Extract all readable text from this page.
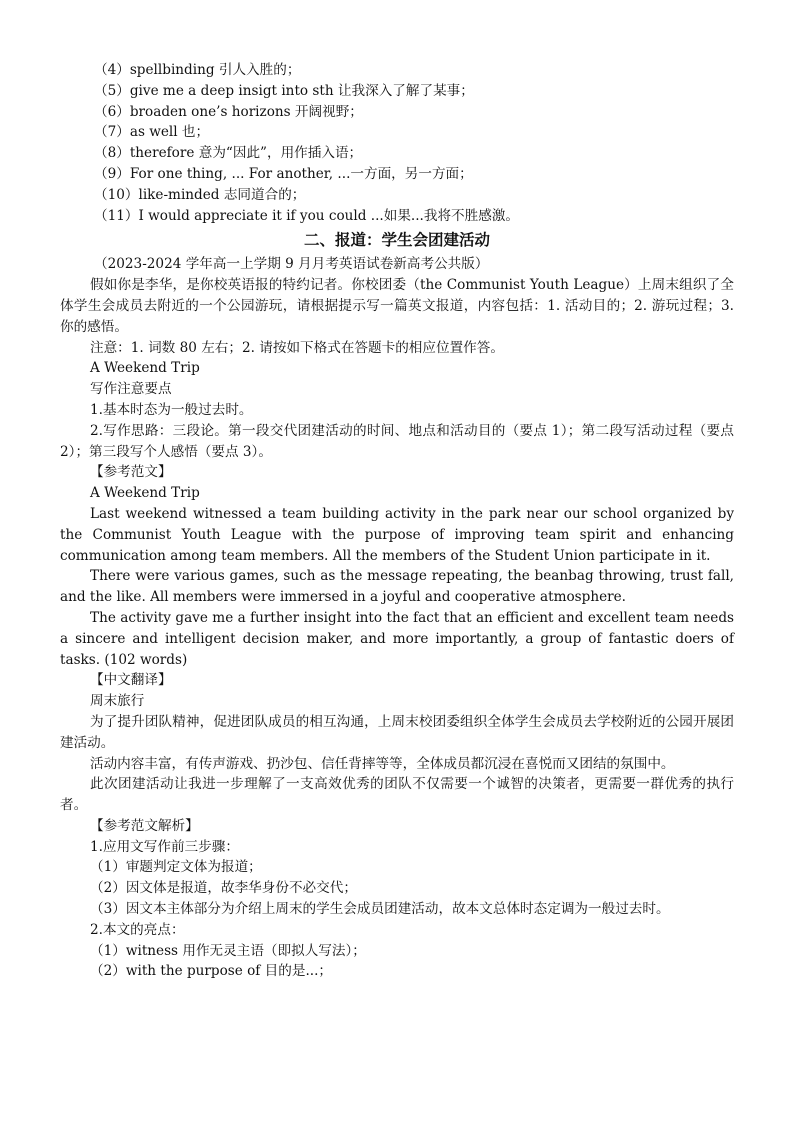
（4）spellbinding 引人入胜的；
（5）give me a deep insigt into sth 让我深入了解了某事；
（6）broaden one’s horizons 开阔视野；
（7）as well 也；
（8）therefore 意为“因此”，用作插入语；
（9）For one thing, ... For another, ...一方面，另一方面；
（10）like-minded 志同道合的；
（11）I would appreciate it if you could ...如果...我将不胜感激。
二、报道：学生会团建活动
（2023-2024 学年高一上学期 9 月月考英语试卷新高考公共版）
假如你是李华，是你校英语报的特约记者。你校团委（the Communist Youth League）上周末组织了全体学生会成员去附近的一个公园游玩，请根据提示写一篇英文报道，内容包括：1. 活动目的；2. 游玩过程；3. 你的感悟。
注意：1. 词数 80 左右；2. 请按如下格式在答题卡的相应位置作答。
A Weekend Trip
写作注意要点
1.基本时态为一般过去时。
2.写作思路：三段论。第一段交代团建活动的时间、地点和活动目的（要点 1）；第二段写活动过程（要点 2）；第三段写个人感悟（要点 3）。
【参考范文】
A Weekend Trip
Last weekend witnessed a team building activity in the park near our school organized by the Communist Youth League with the purpose of improving team spirit and enhancing communication among team members. All the members of the Student Union participate in it.
There were various games, such as the message repeating, the beanbag throwing, trust fall, and the like. All members were immersed in a joyful and cooperative atmosphere.
The activity gave me a further insight into the fact that an efficient and excellent team needs a sincere and intelligent decision maker, and more importantly, a group of fantastic doers of tasks. (102 words)
【中文翻译】
周末旅行
为了提升团队精神，促进团队成员的相互沟通，上周末校团委组织全体学生会成员去学校附近的公园开展团建活动。
活动内容丰富，有传声游戏、扔沙包、信任背摔等等，全体成员都沉浸在喜悦而又团结的氛围中。
此次团建活动让我进一步理解了一支高效优秀的团队不仅需要一个诚智的决策者，更需要一群优秀的执行者。
【参考范文解析】
1.应用文写作前三步骤：
（1）审题判定文体为报道；
（2）因文体是报道，故李华身份不必交代；
（3）因文本主体部分为介绍上周末的学生会成员团建活动，故本文总体时态定调为一般过去时。
2.本文的亮点：
（1）witness 用作无灵主语（即拟人写法）；
（2）with the purpose of 目的是...；
